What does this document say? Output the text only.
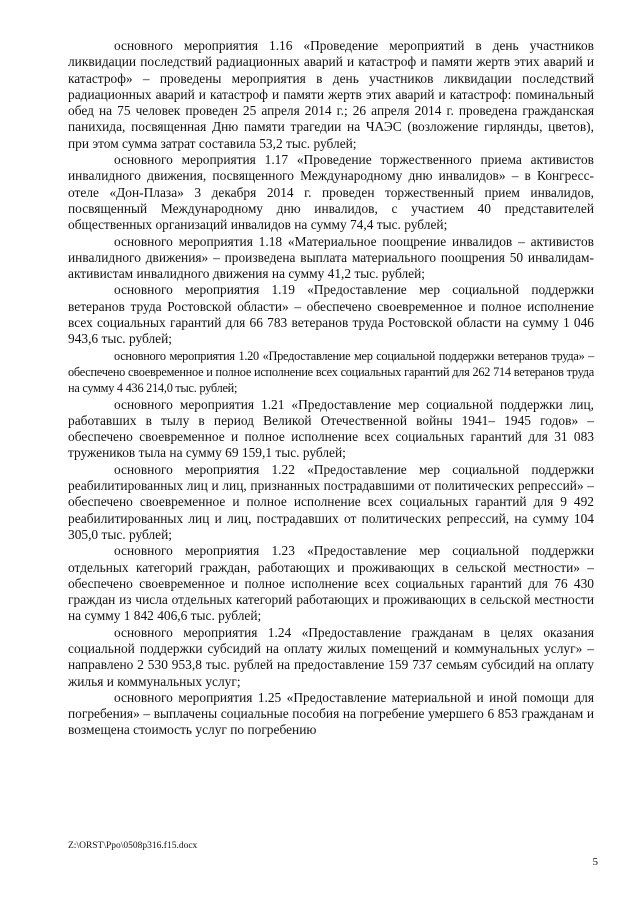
основного мероприятия 1.16 «Проведение мероприятий в день участников ликвидации последствий радиационных аварий и катастроф и памяти жертв этих аварий и катастроф» – проведены мероприятия в день участников ликвидации последствий радиационных аварий и катастроф и памяти жертв этих аварий и катастроф: поминальный обед на 75 человек проведен 25 апреля 2014 г.; 26 апреля 2014 г. проведена гражданская панихида, посвященная Дню памяти трагедии на ЧАЭС (возложение гирлянды, цветов), при этом сумма затрат составила 53,2 тыс. рублей;

основного мероприятия 1.17 «Проведение торжественного приема активистов инвалидного движения, посвященного Международному дню инвалидов» – в Конгресс-отеле «Дон-Плаза» 3 декабря 2014 г. проведен торжественный прием инвалидов, посвященный Международному дню инвалидов, с участием 40 представителей общественных организаций инвалидов на сумму 74,4 тыс. рублей;

основного мероприятия 1.18 «Материальное поощрение инвалидов – активистов инвалидного движения» – произведена выплата материального поощрения 50 инвалидам-активистам инвалидного движения на сумму 41,2 тыс. рублей;

основного мероприятия 1.19 «Предоставление мер социальной поддержки ветеранов труда Ростовской области» – обеспечено своевременное и полное исполнение всех социальных гарантий для 66 783 ветеранов труда Ростовской области на сумму 1 046 943,6 тыс. рублей;

основного мероприятия 1.20 «Предоставление мер социальной поддержки ветеранов труда» – обеспечено своевременное и полное исполнение всех социальных гарантий для 262 714 ветеранов труда на сумму 4 436 214,0 тыс. рублей;

основного мероприятия 1.21 «Предоставление мер социальной поддержки лиц, работавших в тылу в период Великой Отечественной войны 1941– 1945 годов» – обеспечено своевременное и полное исполнение всех социальных гарантий для 31 083 тружеников тыла на сумму 69 159,1 тыс. рублей;

основного мероприятия 1.22 «Предоставление мер социальной поддержки реабилитированных лиц и лиц, признанных пострадавшими от политических репрессий» – обеспечено своевременное и полное исполнение всех социальных гарантий для 9 492 реабилитированных лиц и лиц, пострадавших от политических репрессий, на сумму 104 305,0 тыс. рублей;

основного мероприятия 1.23 «Предоставление мер социальной поддержки отдельных категорий граждан, работающих и проживающих в сельской местности» – обеспечено своевременное и полное исполнение всех социальных гарантий для 76 430 граждан из числа отдельных категорий работающих и проживающих в сельской местности на сумму 1 842 406,6 тыс. рублей;

основного мероприятия 1.24 «Предоставление гражданам в целях оказания социальной поддержки субсидий на оплату жилых помещений и коммунальных услуг» – направлено 2 530 953,8 тыс. рублей на предоставление 159 737 семьям субсидий на оплату жилья и коммунальных услуг;

основного мероприятия 1.25 «Предоставление материальной и иной помощи для погребения» – выплачены социальные пособия на погребение умершего 6 853 гражданам и возмещена стоимость услуг по погребению

Z:\ORST\Ppo\0508p316.f15.docx
5
